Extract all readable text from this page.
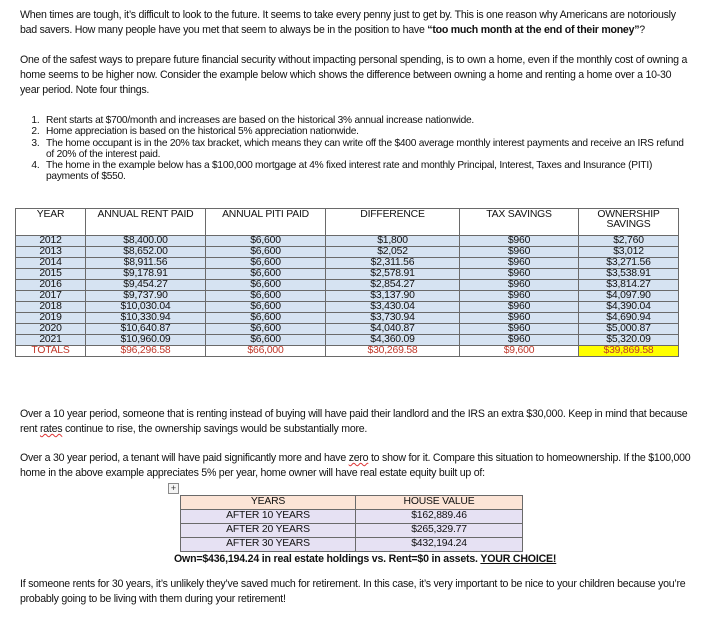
When times are tough, it’s difficult to look to the future. It seems to take every penny just to get by. This is one reason why Americans are notoriously bad savers. How many people have you met that seem to always be in the position to have “too much month at the end of their money”?

One of the safest ways to prepare future financial security without impacting personal spending, is to own a home, even if the monthly cost of owning a home seems to be higher now. Consider the example below which shows the difference between owning a home and renting a home over a 10-30 year period. Note four things.

1. Rent starts at $700/month and increases are based on the historical 3% annual increase nationwide.
2. Home appreciation is based on the historical 5% appreciation nationwide.
3. The home occupant is in the 20% tax bracket, which means they can write off the $400 average monthly interest payments and receive an IRS refund of 20% of the interest paid.
4. The home in the example below has a $100,000 mortgage at 4% fixed interest rate and monthly Principal, Interest, Taxes and Insurance (PITI) payments of $550.
YEAR	ANNUAL RENT PAID	ANNUAL PITI PAID	DIFFERENCE	TAX SAVINGS	OWNERSHIP SAVINGS
2012	$8,400.00	$6,600	$1,800	$960	$2,760
2013	$8,652.00	$6,600	$2,052	$960	$3,012
2014	$8,911.56	$6,600	$2,311.56	$960	$3,271.56
2015	$9,178.91	$6,600	$2,578.91	$960	$3,538.91
2016	$9,454.27	$6,600	$2,854.27	$960	$3,814.27
2017	$9,737.90	$6,600	$3,137.90	$960	$4,097.90
2018	$10,030.04	$6,600	$3,430.04	$960	$4,390.04
2019	$10,330.94	$6,600	$3,730.94	$960	$4,690.94
2020	$10,640.87	$6,600	$4,040.87	$960	$5,000.87
2021	$10,960.09	$6,600	$4,360.09	$960	$5,320.09
TOTALS	$96,296.58	$66,000	$30,269.58	$9,600	$39,869.58

Over a 10 year period, someone that is renting instead of buying will have paid their landlord and the IRS an extra $30,000. Keep in mind that because rent rates continue to rise, the ownership savings would be substantially more.

Over a 30 year period, a tenant will have paid significantly more and have zero to show for it. Compare this situation to homeownership. If the $100,000 home in the above example appreciates 5% per year, home owner will have real estate equity built up of:

+
YEARS	HOUSE VALUE
AFTER 10 YEARS	$162,889.46
AFTER 20 YEARS	$265,329.77
AFTER 30 YEARS	$432,194.24
Own=$436,194.24 in real estate holdings vs. Rent=$0 in assets. YOUR CHOICE!

If someone rents for 30 years, it’s unlikely they’ve saved much for retirement. In this case, it’s very important to be nice to your children because you’re probably going to be living with them during your retirement!
